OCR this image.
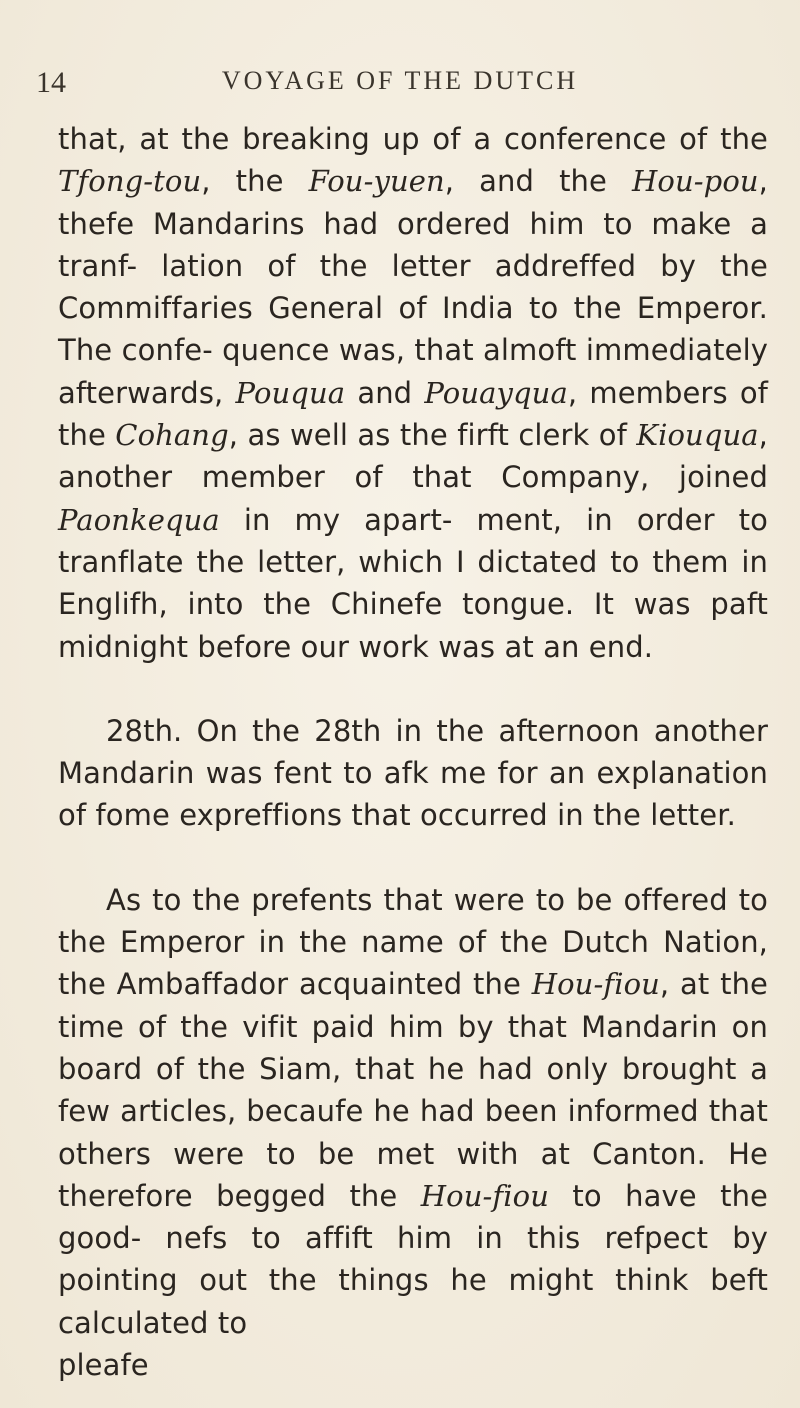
14	VOYAGE OF THE DUTCH

that, at the breaking up of a conference of the Tfong-tou, the Fou-yuen, and the Hou-pou, thefe Mandarins had ordered him to make a tranf- lation of the letter addreffed by the Commiffaries General of India to the Emperor. The confe- quence was, that almoft immediately afterwards, Pouqua and Pouayqua, members of the Cohang, as well as the firft clerk of Kiouqua, another member of that Company, joined Paonkequa in my apart- ment, in order to tranflate the letter, which I dictated to them in Englifh, into the Chinefe tongue. It was paft midnight before our work was at an end.

28th. On the 28th in the afternoon another Mandarin was fent to afk me for an explanation of fome expreffions that occurred in the letter.

As to the prefents that were to be offered to the Emperor in the name of the Dutch Nation, the Ambaffador acquainted the Hou-fiou, at the time of the vifit paid him by that Mandarin on board of the Siam, that he had only brought a few articles, becaufe he had been informed that others were to be met with at Canton. He therefore begged the Hou-fiou to have the good- nefs to affift him in this refpect by pointing out the things he might think beft calculated to

pleafe
